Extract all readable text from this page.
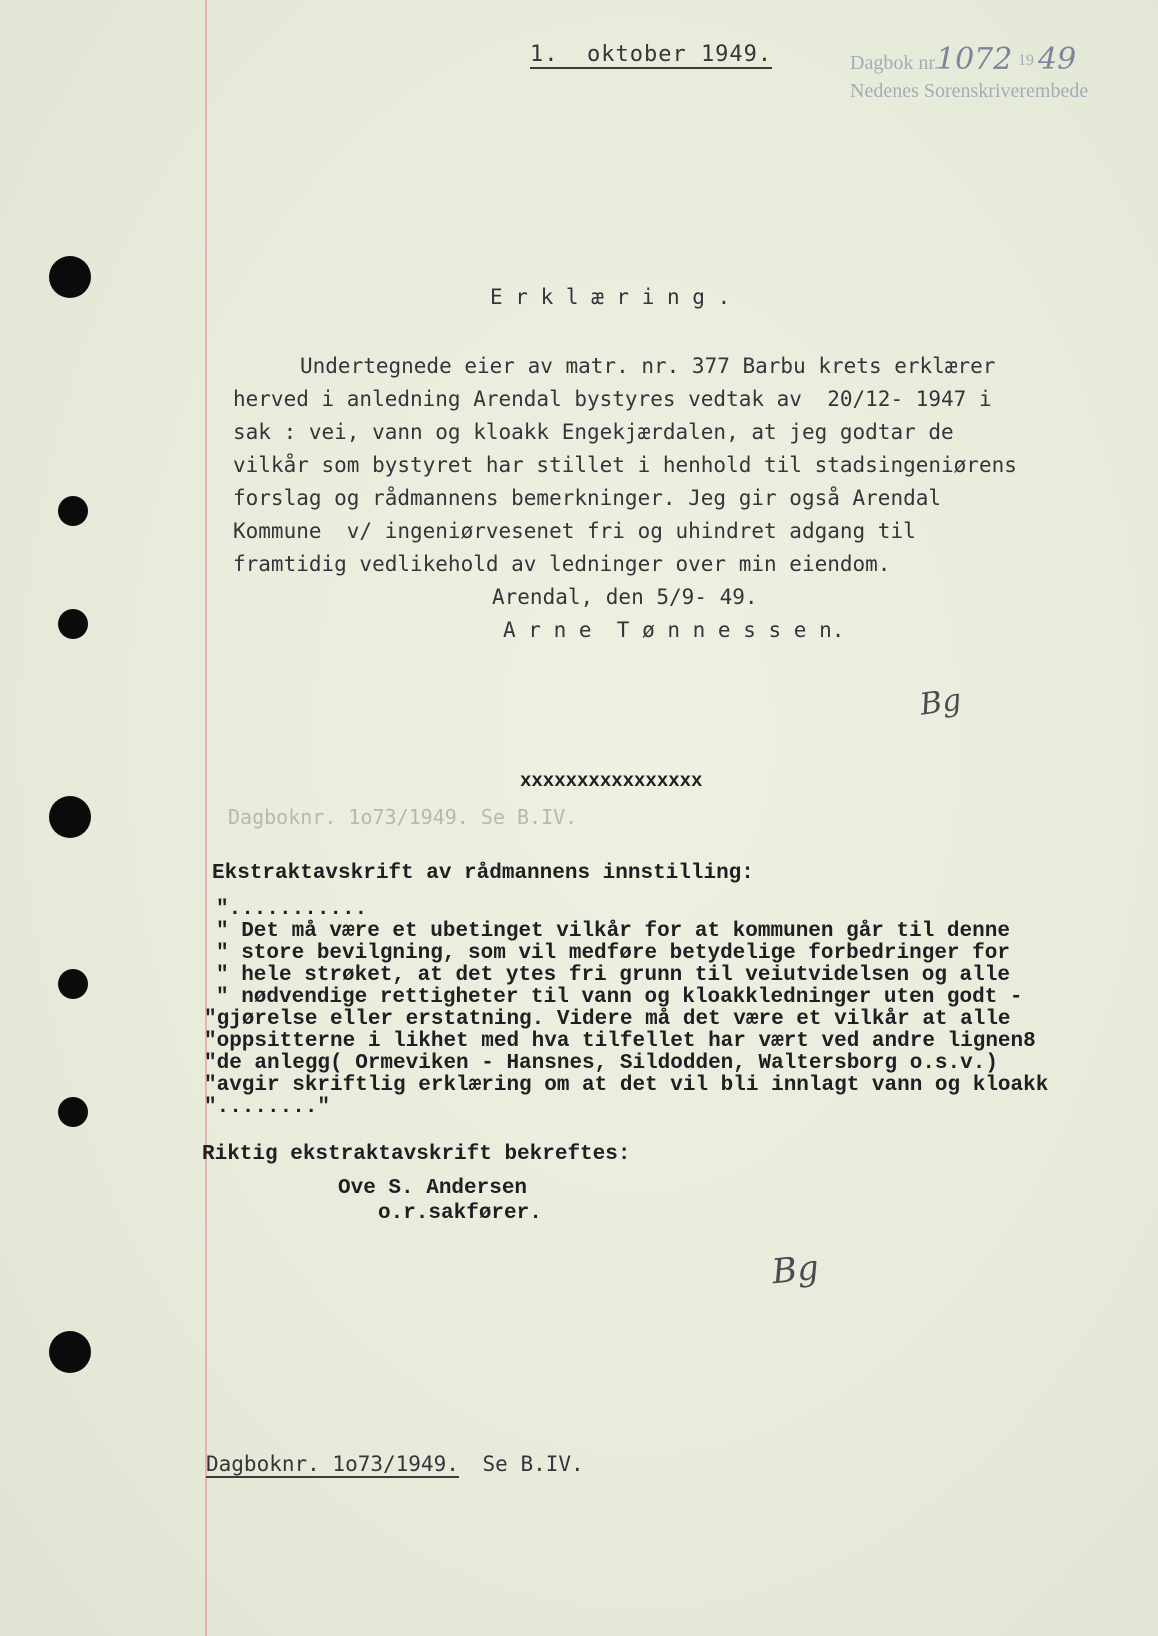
1.  oktober 1949.	Dagbok nr.
1072 19 49
Nedenes Sorenskriverembede
E r k l æ r i n g .
Undertegnede eier av matr. nr. 377 Barbu krets erklærer
herved i anledning Arendal bystyres vedtak av  20/12- 1947 i
sak : vei, vann og kloakk Engekjærdalen, at jeg godtar de
vilkår som bystyret har stillet i henhold til stadsingeniørens
forslag og rådmannens bemerkninger. Jeg gir også Arendal
Kommune  v/ ingeniørvesenet fri og uhindret adgang til
framtidig vedlikehold av ledninger over min eiendom.
Arendal, den 5/9- 49.
A r n e  T ø n n e s s e n.
Bg
xxxxxxxxxxxxxxxx
Dagboknr. 1o73/1949. Se B.IV.
Ekstraktavskrift av rådmannens innstilling:
"...........
" Det må være et ubetinget vilkår for at kommunen går til denne
" store bevilgning, som vil medføre betydelige forbedringer for
" hele strøket, at det ytes fri grunn til veiutvidelsen og alle
" nødvendige rettigheter til vann og kloakkledninger uten godt -
"gjørelse eller erstatning. Videre må det være et vilkår at alle
"oppsitterne i likhet med hva tilfellet har vært ved andre lignen8
"de anlegg( Ormeviken - Hansnes, Sildodden, Waltersborg o.s.v.)
"avgir skriftlig erklæring om at det vil bli innlagt vann og kloakk
"........"
Riktig ekstraktavskrift bekreftes:
Ove S. Andersen
o.r.sakfører.
Bg
Dagboknr. 1o73/1949. Se B.IV.
